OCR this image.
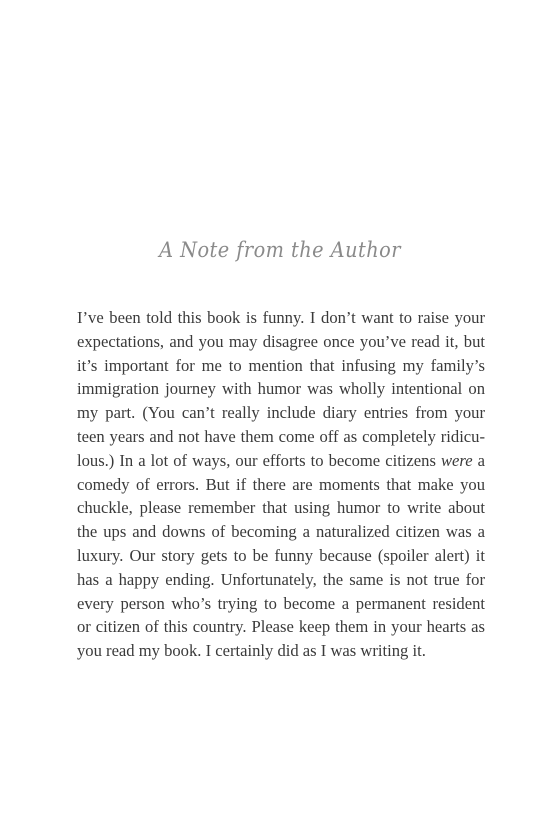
A Note from the Author
I’ve been told this book is funny. I don’t want to raise your
expectations, and you may disagree once you’ve read it, but
it’s important for me to mention that infusing my family’s
immigration journey with humor was wholly intentional on
my part. (You can’t really include diary entries from your
teen years and not have them come off as completely ridicu-
lous.) In a lot of ways, our efforts to become citizens were a
comedy of errors. But if there are moments that make you
chuckle, please remember that using humor to write about
the ups and downs of becoming a naturalized citizen was a
luxury. Our story gets to be funny because (spoiler alert) it
has a happy ending. Unfortunately, the same is not true for
every person who’s trying to become a permanent resident
or citizen of this country. Please keep them in your hearts as
you read my book. I certainly did as I was writing it.
